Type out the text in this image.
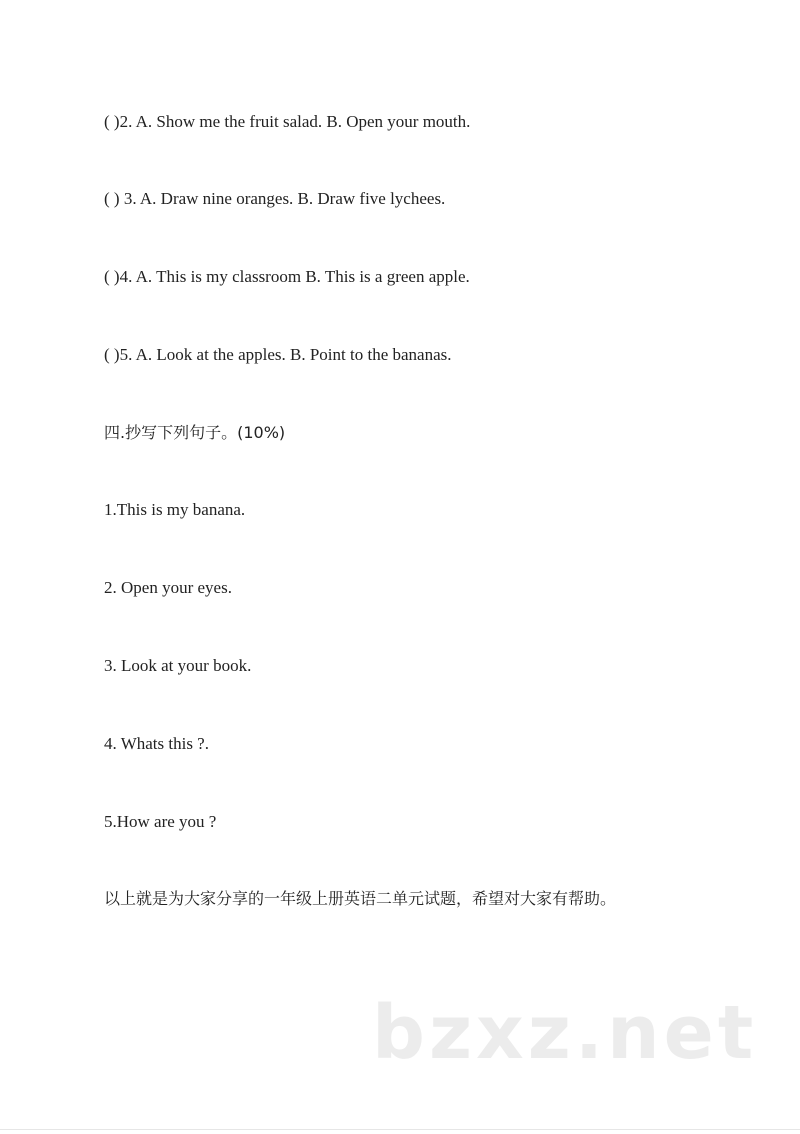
( )2. A. Show me the fruit salad. B. Open your mouth.
( ) 3. A. Draw nine oranges. B. Draw five lychees.
( )4. A. This is my classroom B. This is a green apple.
( )5. A. Look at the apples. B. Point to the bananas.
四.抄写下列句子。(10%)
1.This is my banana.
2. Open your eyes.
3. Look at your book.
4. Whats this ?.
5.How are you ?
以上就是为大家分享的一年级上册英语二单元试题，希望对大家有帮助。
bzxz.net
